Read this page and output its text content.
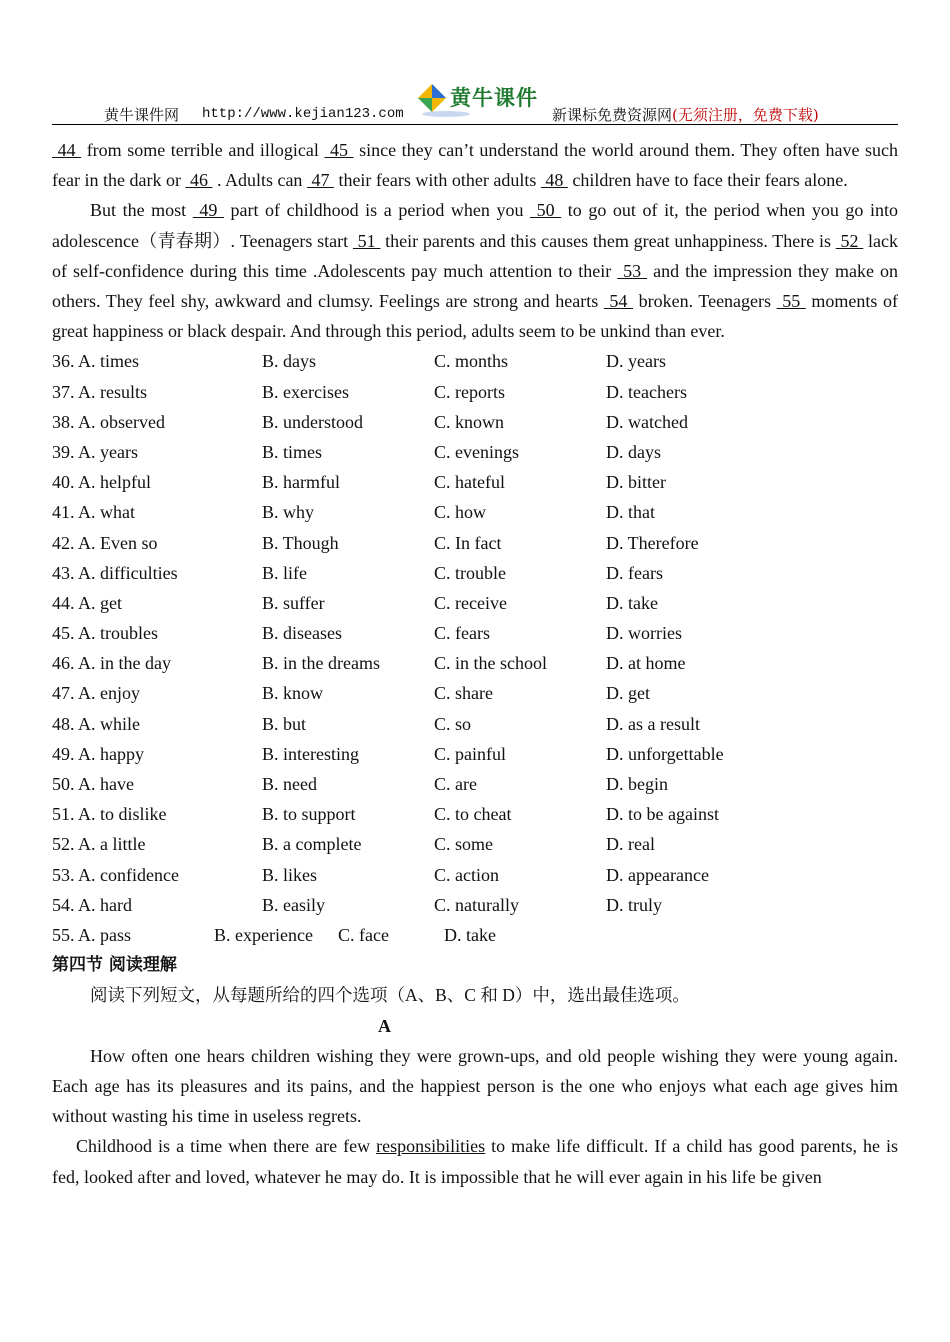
黄牛课件网 http://www.kejian123.com
黄牛课件
新课标免费资源网(无须注册，免费下载)

44  from some terrible and illogical  45  since they can’t understand the world around them. They often have such fear in the dark or  46  . Adults can  47  their fears with other adults  48  children have to face their fears alone.

But the most  49  part of childhood is a period when you  50  to go out of it, the period when you go into adolescence（青春期）. Teenagers start  51  their parents and this causes them great unhappiness. There is  52  lack of self-confidence during this time .Adolescents pay much attention to their  53  and the impression they make on others. They feel shy, awkward and clumsy. Feelings are strong and hearts  54  broken. Teenagers  55  moments of great happiness or black despair. And through this period, adults seem to be unkind than ever.

36. A. times	B. days	C. months	D. years
37. A. results	B. exercises	C. reports	D. teachers
38. A. observed	B. understood	C. known	D. watched
39. A. years	B. times	C. evenings	D. days
40. A. helpful	B. harmful	C. hateful	D. bitter
41. A. what	B. why	C. how	D. that
42. A. Even so	B. Though	C. In fact	D. Therefore
43. A. difficulties	B. life	C. trouble	D. fears
44. A. get	B. suffer	C. receive	D. take
45. A. troubles	B. diseases	C. fears	D. worries
46. A. in the day	B. in the dreams	C. in the school	D. at home
47. A. enjoy	B. know	C. share	D. get
48. A. while	B. but	C. so	D. as a result
49. A. happy	B. interesting	C. painful	D. unforgettable
50. A. have	B. need	C. are	D. begin
51. A. to dislike	B. to support	C. to cheat	D. to be against
52. A. a little	B. a complete	C. some	D. real
53. A. confidence	B. likes	C. action	D. appearance
54. A. hard	B. easily	C. naturally	D. truly
55. A. pass	B. experience C. face	D. take

第四节 阅读理解

阅读下列短文，从每题所给的四个选项（A、B、C 和 D）中，选出最佳选项。

A

How often one hears children wishing they were grown-ups, and old people wishing they were young again. Each age has its pleasures and its pains, and the happiest person is the one who enjoys what each age gives him without wasting his time in useless regrets.

Childhood is a time when there are few responsibilities to make life difficult. If a child has good parents, he is fed, looked after and loved, whatever he may do. It is impossible that he will ever again in his life be given
